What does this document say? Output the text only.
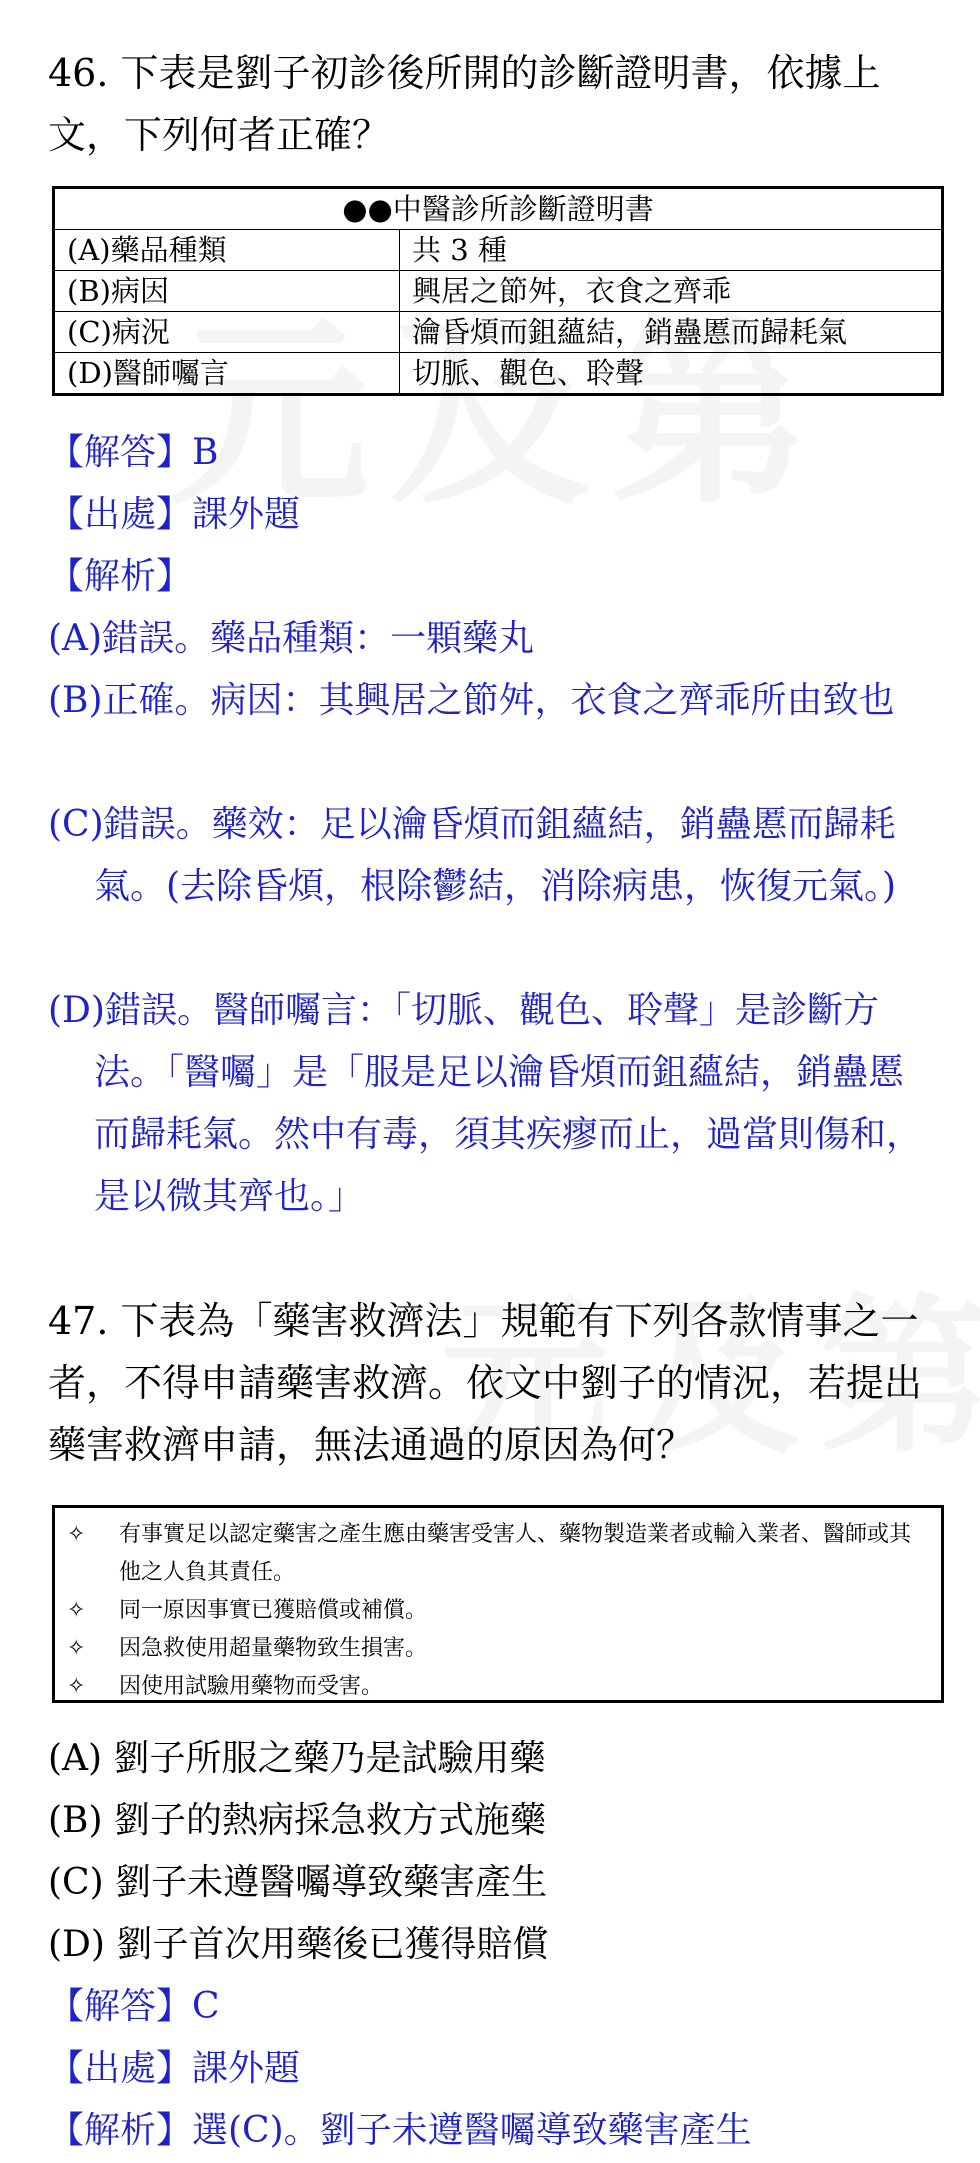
46. 下表是劉子初診後所開的診斷證明書，依據上文，下列何者正確？
●●中醫診所診斷證明書	
(A)藥品種類	共 3 種
(B)病因	興居之節舛，衣食之齊乖
(C)病況	瀹昏煩而鉏蘊結，銷蠱慝而歸耗氣
(D)醫師囑言	切脈、觀色、聆聲
【解答】B
【出處】課外題
【解析】
(A)錯誤。藥品種類：一顆藥丸
(B)正確。病因：其興居之節舛，衣食之齊乖所由致也
(C)錯誤。藥效：足以瀹昏煩而鉏蘊結，銷蠱慝而歸耗氣。(去除昏煩，根除鬱結，消除病患，恢復元氣。)
(D)錯誤。醫師囑言：「切脈、觀色、聆聲」是診斷方法。「醫囑」是「服是足以瀹昏煩而鉏蘊結，銷蠱慝而歸耗氣。然中有毒，須其疾瘳而止，過當則傷和，是以微其齊也。」
47. 下表為「藥害救濟法」規範有下列各款情事之一者，不得申請藥害救濟。依文中劉子的情況，若提出藥害救濟申請，無法通過的原因為何？
✧	有事實足以認定藥害之產生應由藥害受害人、藥物製造業者或輸入業者、醫師或其他之人負其責任。
✧	同一原因事實已獲賠償或補償。
✧	因急救使用超量藥物致生損害。
✧	因使用試驗用藥物而受害。
(A) 劉子所服之藥乃是試驗用藥
(B) 劉子的熱病採急救方式施藥
(C) 劉子未遵醫囑導致藥害產生
(D) 劉子首次用藥後已獲得賠償
【解答】C
【出處】課外題
【解析】選(C)。劉子未遵醫囑導致藥害產生
